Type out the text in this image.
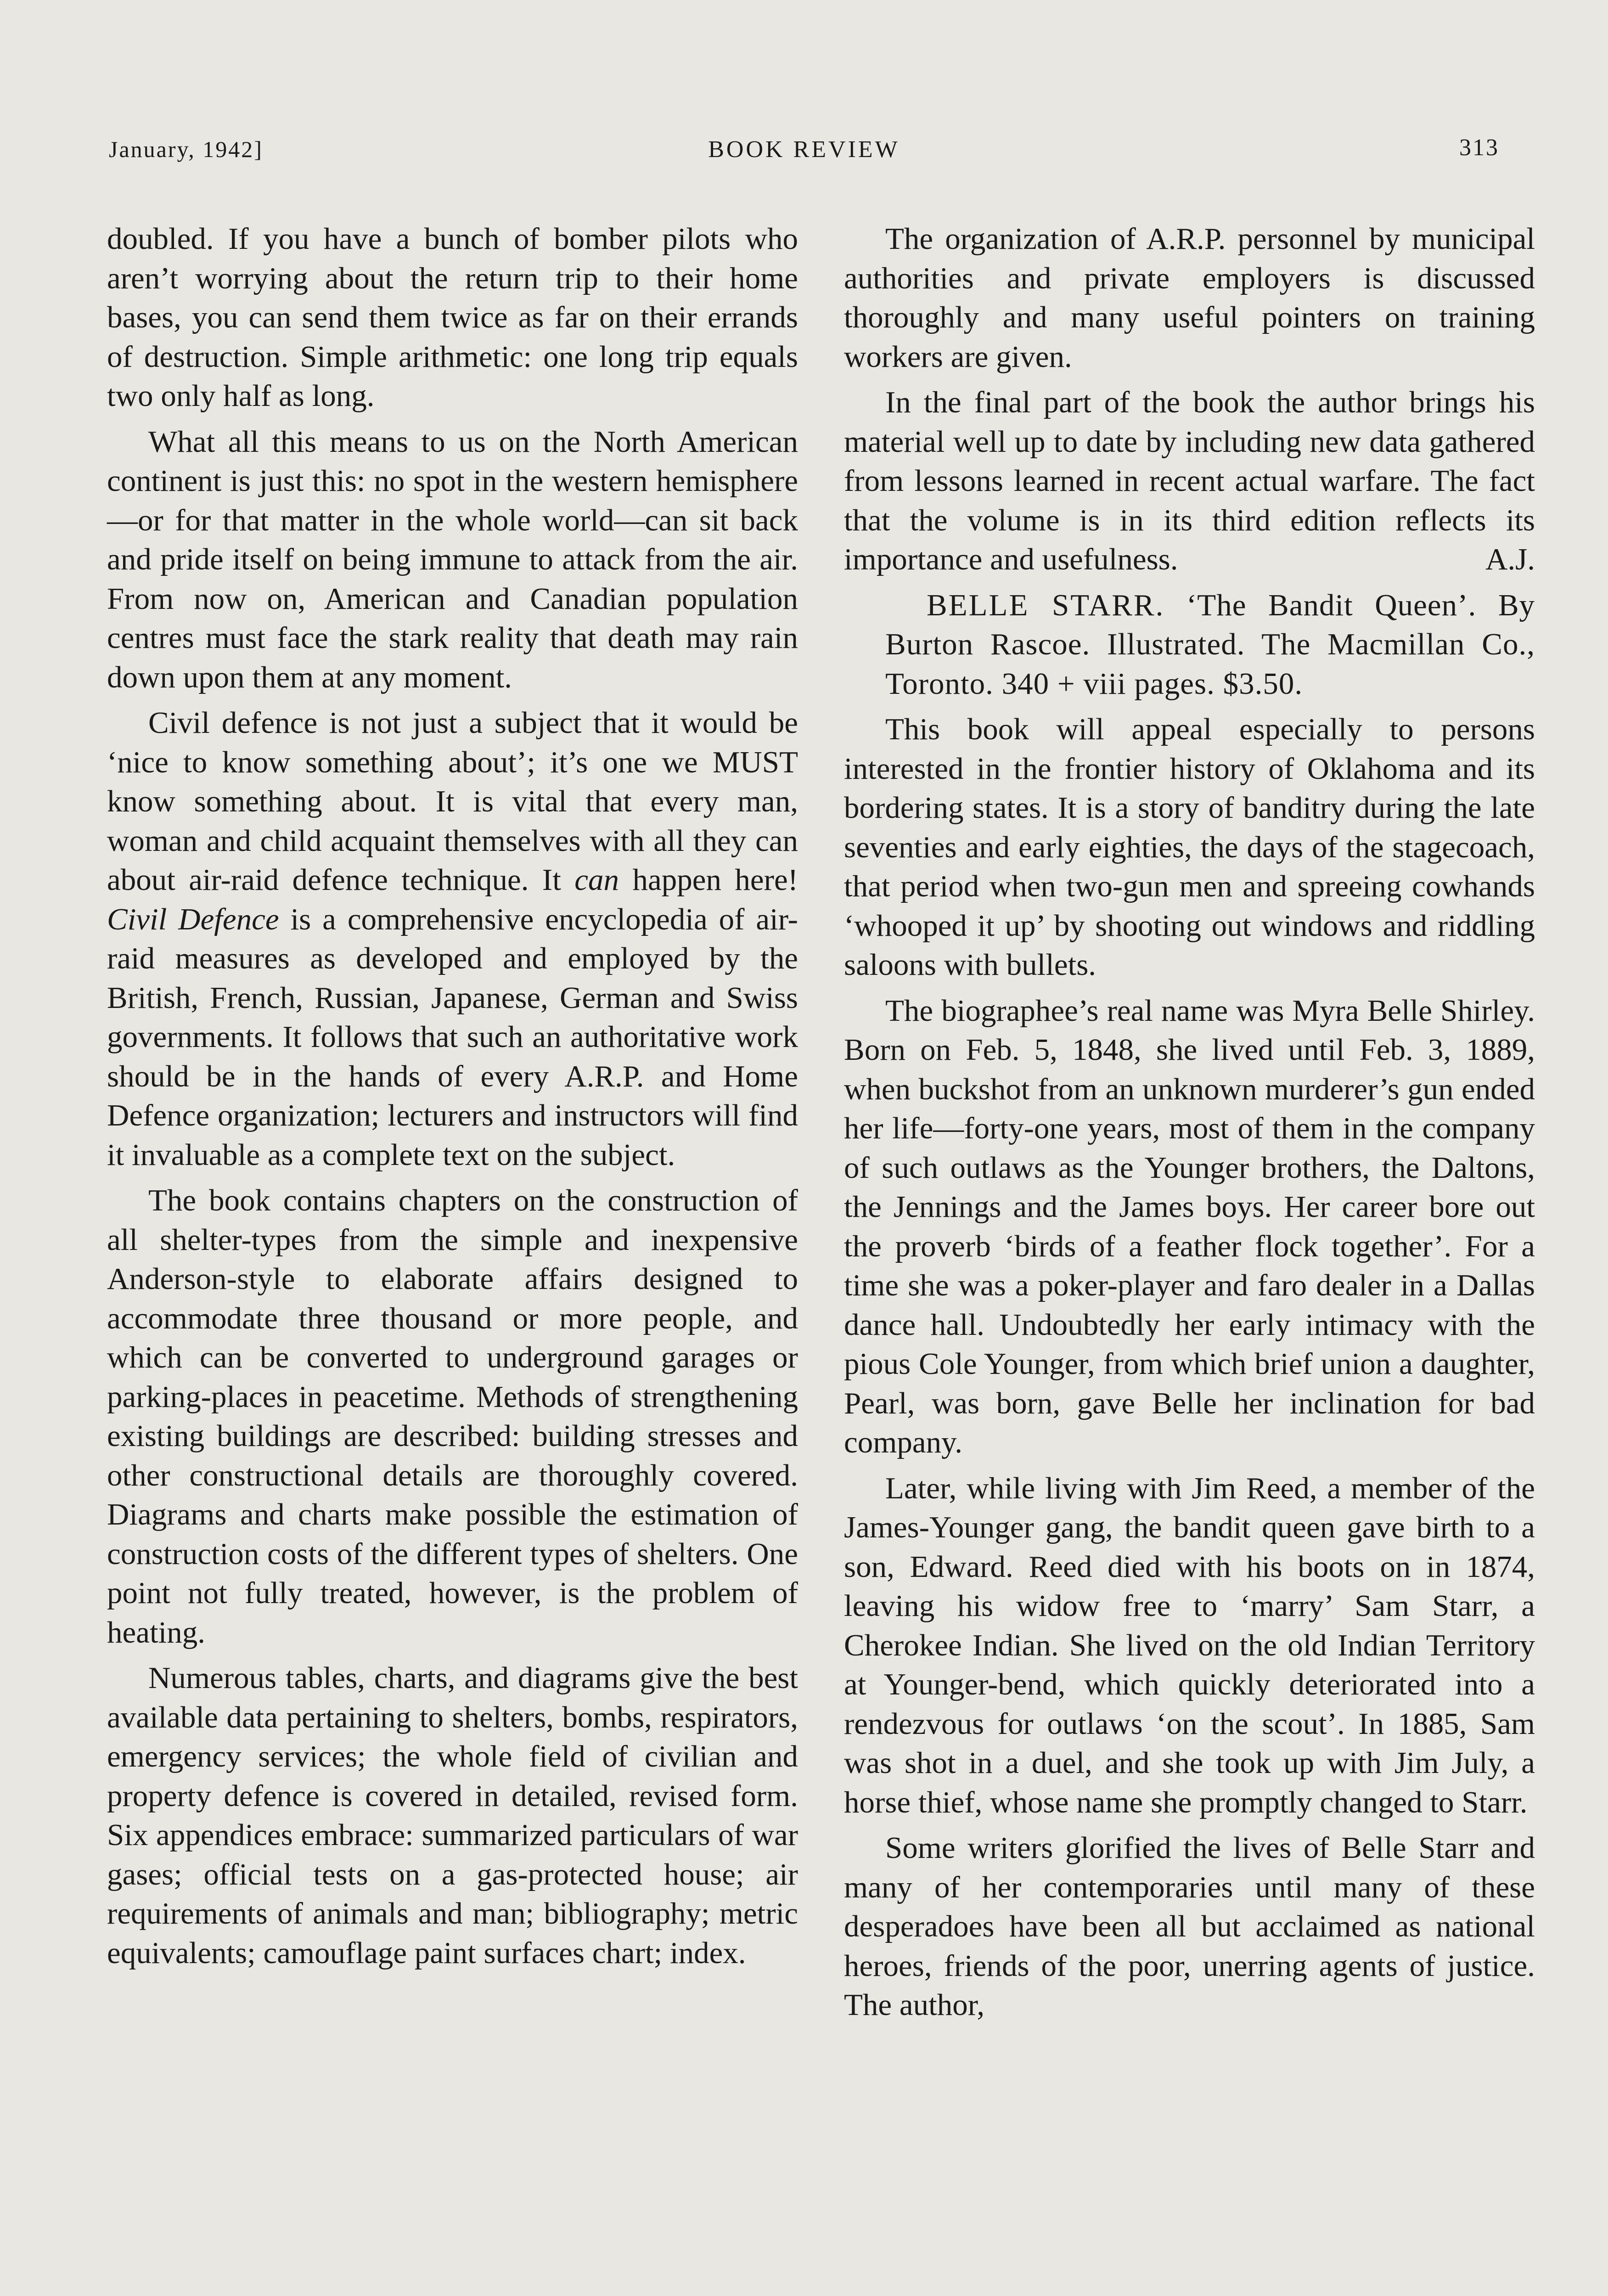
January, 1942]	BOOK REVIEW	313

doubled. If you have a bunch of bomber pilots who aren’t worrying about the return trip to their home bases, you can send them twice as far on their errands of destruction. Simple arithmetic: one long trip equals two only half as long.

What all this means to us on the North American continent is just this: no spot in the western hemisphere—or for that matter in the whole world—can sit back and pride itself on being immune to attack from the air. From now on, American and Canadian population centres must face the stark reality that death may rain down upon them at any moment.

Civil defence is not just a subject that it would be ‘nice to know something about’; it’s one we MUST know something about. It is vital that every man, woman and child acquaint themselves with all they can about air-raid defence technique. It can happen here! Civil Defence is a comprehensive encyclopedia of air-raid measures as developed and employed by the British, French, Russian, Japanese, German and Swiss governments. It follows that such an authoritative work should be in the hands of every A.R.P. and Home Defence organization; lecturers and instructors will find it invaluable as a complete text on the subject.

The book contains chapters on the construction of all shelter-types from the simple and inexpensive Anderson-style to elaborate affairs designed to accommodate three thousand or more people, and which can be converted to underground garages or parking-places in peacetime. Methods of strengthening existing buildings are described: building stresses and other constructional details are thoroughly covered. Diagrams and charts make possible the estimation of construction costs of the different types of shelters. One point not fully treated, however, is the problem of heating.

Numerous tables, charts, and diagrams give the best available data pertaining to shelters, bombs, respirators, emergency services; the whole field of civilian and property defence is covered in detailed, revised form. Six appendices embrace: summarized particulars of war gases; official tests on a gas-protected house; air requirements of animals and man; bibliography; metric equivalents; camouflage paint surfaces chart; index.

The organization of A.R.P. personnel by municipal authorities and private employers is discussed thoroughly and many useful pointers on training workers are given.

In the final part of the book the author brings his material well up to date by including new data gathered from lessons learned in recent actual warfare. The fact that the volume is in its third edition reflects its importance and usefulness.	A.J.

BELLE STARR. ‘The Bandit Queen’. By Burton Rascoe. Illustrated. The Macmillan Co., Toronto. 340 + viii pages. $3.50.

This book will appeal especially to persons interested in the frontier history of Oklahoma and its bordering states. It is a story of banditry during the late seventies and early eighties, the days of the stagecoach, that period when two-gun men and spreeing cowhands ‘whooped it up’ by shooting out windows and riddling saloons with bullets.

The biographee’s real name was Myra Belle Shirley. Born on Feb. 5, 1848, she lived until Feb. 3, 1889, when buckshot from an unknown murderer’s gun ended her life—forty-one years, most of them in the company of such outlaws as the Younger brothers, the Daltons, the Jennings and the James boys. Her career bore out the proverb ‘birds of a feather flock together’. For a time she was a poker-player and faro dealer in a Dallas dance hall. Undoubtedly her early intimacy with the pious Cole Younger, from which brief union a daughter, Pearl, was born, gave Belle her inclination for bad company.

Later, while living with Jim Reed, a member of the James-Younger gang, the bandit queen gave birth to a son, Edward. Reed died with his boots on in 1874, leaving his widow free to ‘marry’ Sam Starr, a Cherokee Indian. She lived on the old Indian Territory at Younger-bend, which quickly deteriorated into a rendezvous for outlaws ‘on the scout’. In 1885, Sam was shot in a duel, and she took up with Jim July, a horse thief, whose name she promptly changed to Starr.

Some writers glorified the lives of Belle Starr and many of her contemporaries until many of these desperadoes have been all but acclaimed as national heroes, friends of the poor, unerring agents of justice. The author,
